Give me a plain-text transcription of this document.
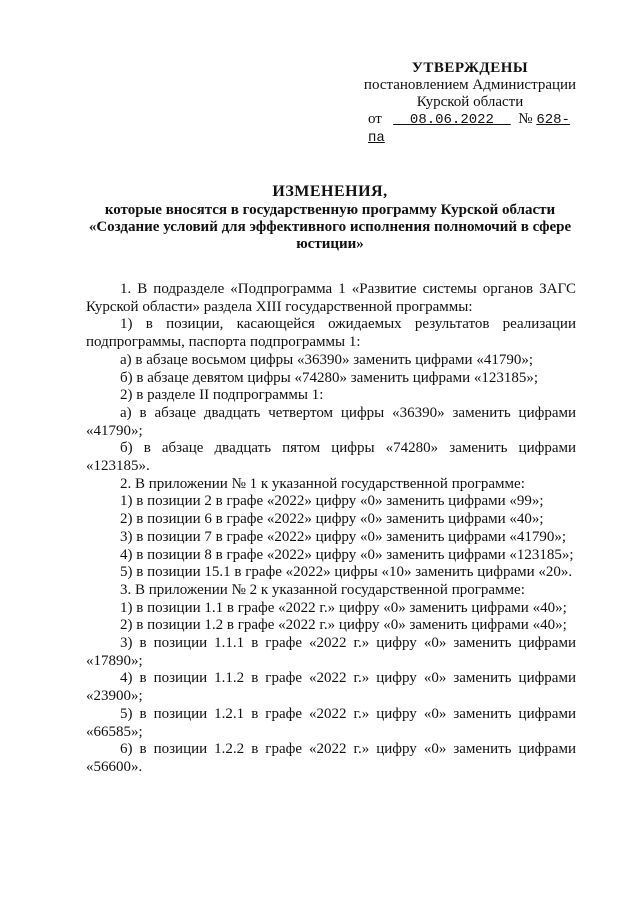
УТВЕРЖДЕНЫ
постановлением Администрации
Курской области
от 08.06.2022 № 628-па
ИЗМЕНЕНИЯ,
которые вносятся в государственную программу Курской области «Создание условий для эффективного исполнения полномочий в сфере юстиции»

1. В подразделе «Подпрограмма 1 «Развитие системы органов ЗАГС Курской области» раздела XIII государственной программы:

1) в позиции, касающейся ожидаемых результатов реализации подпрограммы, паспорта подпрограммы 1:

а) в абзаце восьмом цифры «36390» заменить цифрами «41790»;

б) в абзаце девятом цифры «74280» заменить цифрами «123185»;

2) в разделе II подпрограммы 1:

а) в абзаце двадцать четвертом цифры «36390» заменить цифрами «41790»;

б) в абзаце двадцать пятом цифры «74280» заменить цифрами «123185».

2. В приложении № 1 к указанной государственной программе:

1) в позиции 2 в графе «2022» цифру «0» заменить цифрами «99»;

2) в позиции 6 в графе «2022» цифру «0» заменить цифрами «40»;

3) в позиции 7 в графе «2022» цифру «0» заменить цифрами «41790»;

4) в позиции 8 в графе «2022» цифру «0» заменить цифрами «123185»;

5) в позиции 15.1 в графе «2022» цифры «10» заменить цифрами «20».

3. В приложении № 2 к указанной государственной программе:

1) в позиции 1.1 в графе «2022 г.» цифру «0» заменить цифрами «40»;

2) в позиции 1.2 в графе «2022 г.» цифру «0» заменить цифрами «40»;

3) в позиции 1.1.1 в графе «2022 г.» цифру «0» заменить цифрами «17890»;

4) в позиции 1.1.2 в графе «2022 г.» цифру «0» заменить цифрами «23900»;

5) в позиции 1.2.1 в графе «2022 г.» цифру «0» заменить цифрами «66585»;

6) в позиции 1.2.2 в графе «2022 г.» цифру «0» заменить цифрами «56600».
